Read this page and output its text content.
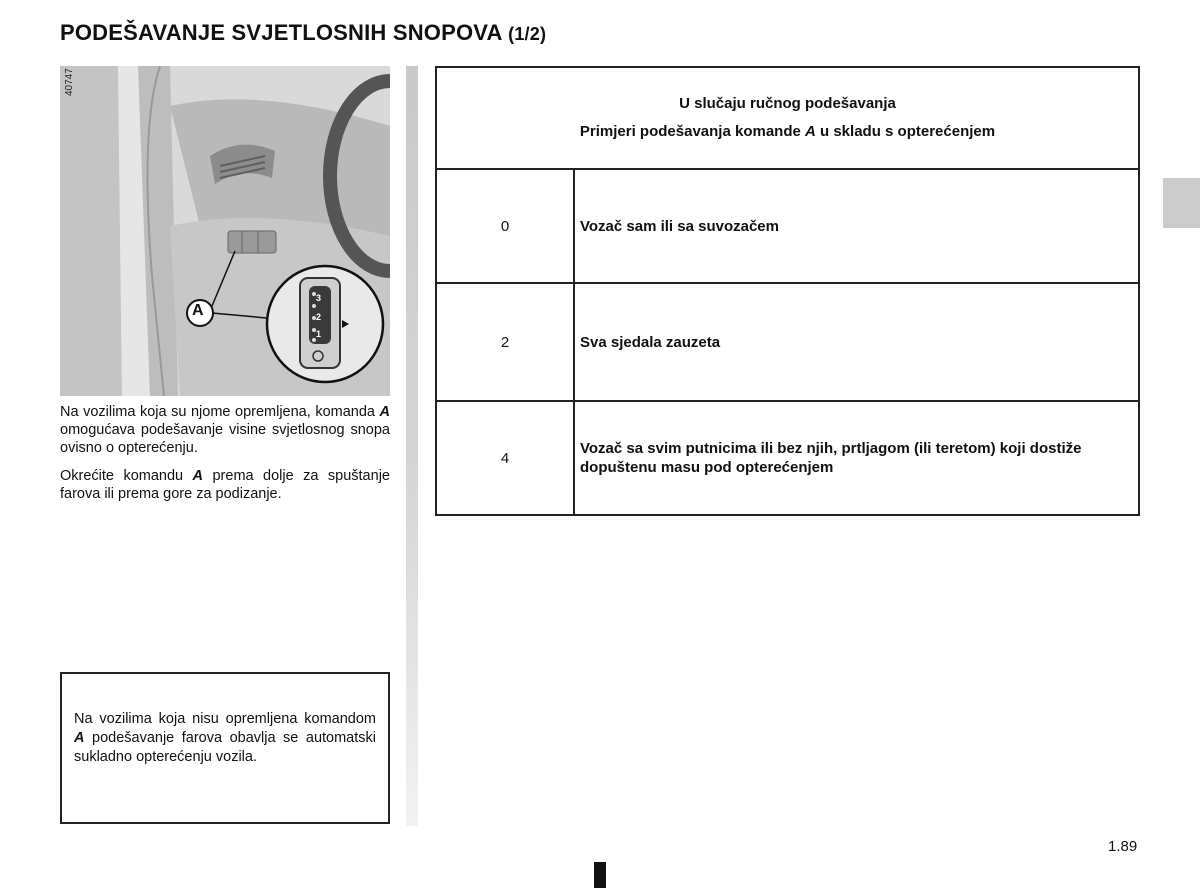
PODEŠAVANJE SVJETLOSNIH SNOPOVA (1/2)
40747
A
3
2
1

Na vozilima koja su njome opremljena, komanda A omogućava podešavanje visine svjetlosnog snopa ovisno o opterećenju.

Okrećite komandu A prema dolje za spuštanje farova ili prema gore za podizanje.

Na vozilima koja nisu opremljena komandom A podešavanje farova obavlja se automatski sukladno opterećenju vozila.

U slučaju ručnog podešavanja
Primjeri podešavanja komande A u skladu s opterećenjem	

0	Vozač sam ili sa suvozačem
2	Sva sjedala zauzeta
4	Vozač sa svim putnicima ili bez njih, prtljagom (ili teretom) koji dostiže dopuštenu masu pod opterećenjem
1.89
